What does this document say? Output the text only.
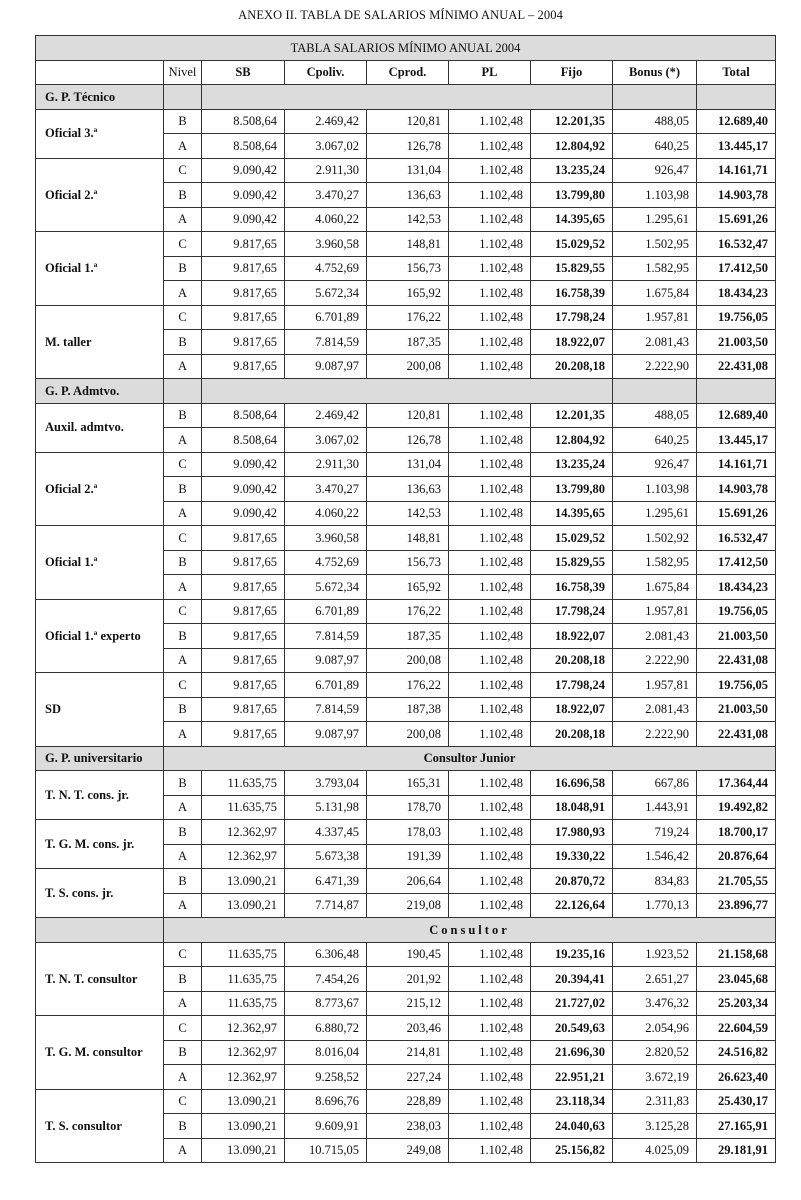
ANEXO II. TABLA DE SALARIOS MÍNIMO ANUAL – 2004
TABLA SALARIOS MÍNIMO ANUAL 2004								
	Nivel	SB	Cpoliv.	Cprod.	PL	Fijo	Bonus (*)	Total
G. P. Técnico								
Oficial 3.ª	B	8.508,64	2.469,42	120,81	1.102,48	12.201,35	488,05	12.689,40
	A	8.508,64	3.067,02	126,78	1.102,48	12.804,92	640,25	13.445,17
Oficial 2.ª	C	9.090,42	2.911,30	131,04	1.102,48	13.235,24	926,47	14.161,71
	B	9.090,42	3.470,27	136,63	1.102,48	13.799,80	1.103,98	14.903,78
	A	9.090,42	4.060,22	142,53	1.102,48	14.395,65	1.295,61	15.691,26
Oficial 1.ª	C	9.817,65	3.960,58	148,81	1.102,48	15.029,52	1.502,95	16.532,47
	B	9.817,65	4.752,69	156,73	1.102,48	15.829,55	1.582,95	17.412,50
	A	9.817,65	5.672,34	165,92	1.102,48	16.758,39	1.675,84	18.434,23
M. taller	C	9.817,65	6.701,89	176,22	1.102,48	17.798,24	1.957,81	19.756,05
	B	9.817,65	7.814,59	187,35	1.102,48	18.922,07	2.081,43	21.003,50
	A	9.817,65	9.087,97	200,08	1.102,48	20.208,18	2.222,90	22.431,08
G. P. Admtvo.								
Auxil. admtvo.	B	8.508,64	2.469,42	120,81	1.102,48	12.201,35	488,05	12.689,40
	A	8.508,64	3.067,02	126,78	1.102,48	12.804,92	640,25	13.445,17
Oficial 2.ª	C	9.090,42	2.911,30	131,04	1.102,48	13.235,24	926,47	14.161,71
	B	9.090,42	3.470,27	136,63	1.102,48	13.799,80	1.103,98	14.903,78
	A	9.090,42	4.060,22	142,53	1.102,48	14.395,65	1.295,61	15.691,26
Oficial 1.ª	C	9.817,65	3.960,58	148,81	1.102,48	15.029,52	1.502,92	16.532,47
	B	9.817,65	4.752,69	156,73	1.102,48	15.829,55	1.582,95	17.412,50
	A	9.817,65	5.672,34	165,92	1.102,48	16.758,39	1.675,84	18.434,23
Oficial 1.ª experto	C	9.817,65	6.701,89	176,22	1.102,48	17.798,24	1.957,81	19.756,05
	B	9.817,65	7.814,59	187,35	1.102,48	18.922,07	2.081,43	21.003,50
	A	9.817,65	9.087,97	200,08	1.102,48	20.208,18	2.222,90	22.431,08
SD	C	9.817,65	6.701,89	176,22	1.102,48	17.798,24	1.957,81	19.756,05
	B	9.817,65	7.814,59	187,38	1.102,48	18.922,07	2.081,43	21.003,50
	A	9.817,65	9.087,97	200,08	1.102,48	20.208,18	2.222,90	22.431,08
G. P. universitario	Consultor Junior							
T. N. T. cons. jr.	B	11.635,75	3.793,04	165,31	1.102,48	16.696,58	667,86	17.364,44
	A	11.635,75	5.131,98	178,70	1.102,48	18.048,91	1.443,91	19.492,82
T. G. M. cons. jr.	B	12.362,97	4.337,45	178,03	1.102,48	17.980,93	719,24	18.700,17
	A	12.362,97	5.673,38	191,39	1.102,48	19.330,22	1.546,42	20.876,64
T. S. cons. jr.	B	13.090,21	6.471,39	206,64	1.102,48	20.870,72	834,83	21.705,55
	A	13.090,21	7.714,87	219,08	1.102,48	22.126,64	1.770,13	23.896,77
	Consultor							
T. N. T. consultor	C	11.635,75	6.306,48	190,45	1.102,48	19.235,16	1.923,52	21.158,68
	B	11.635,75	7.454,26	201,92	1.102,48	20.394,41	2.651,27	23.045,68
	A	11.635,75	8.773,67	215,12	1.102,48	21.727,02	3.476,32	25.203,34
T. G. M. consultor	C	12.362,97	6.880,72	203,46	1.102,48	20.549,63	2.054,96	22.604,59
	B	12.362,97	8.016,04	214,81	1.102,48	21.696,30	2.820,52	24.516,82
	A	12.362,97	9.258,52	227,24	1.102,48	22.951,21	3.672,19	26.623,40
T. S. consultor	C	13.090,21	8.696,76	228,89	1.102,48	23.118,34	2.311,83	25.430,17
	B	13.090,21	9.609,91	238,03	1.102,48	24.040,63	3.125,28	27.165,91
	A	13.090,21	10.715,05	249,08	1.102,48	25.156,82	4.025,09	29.181,91
